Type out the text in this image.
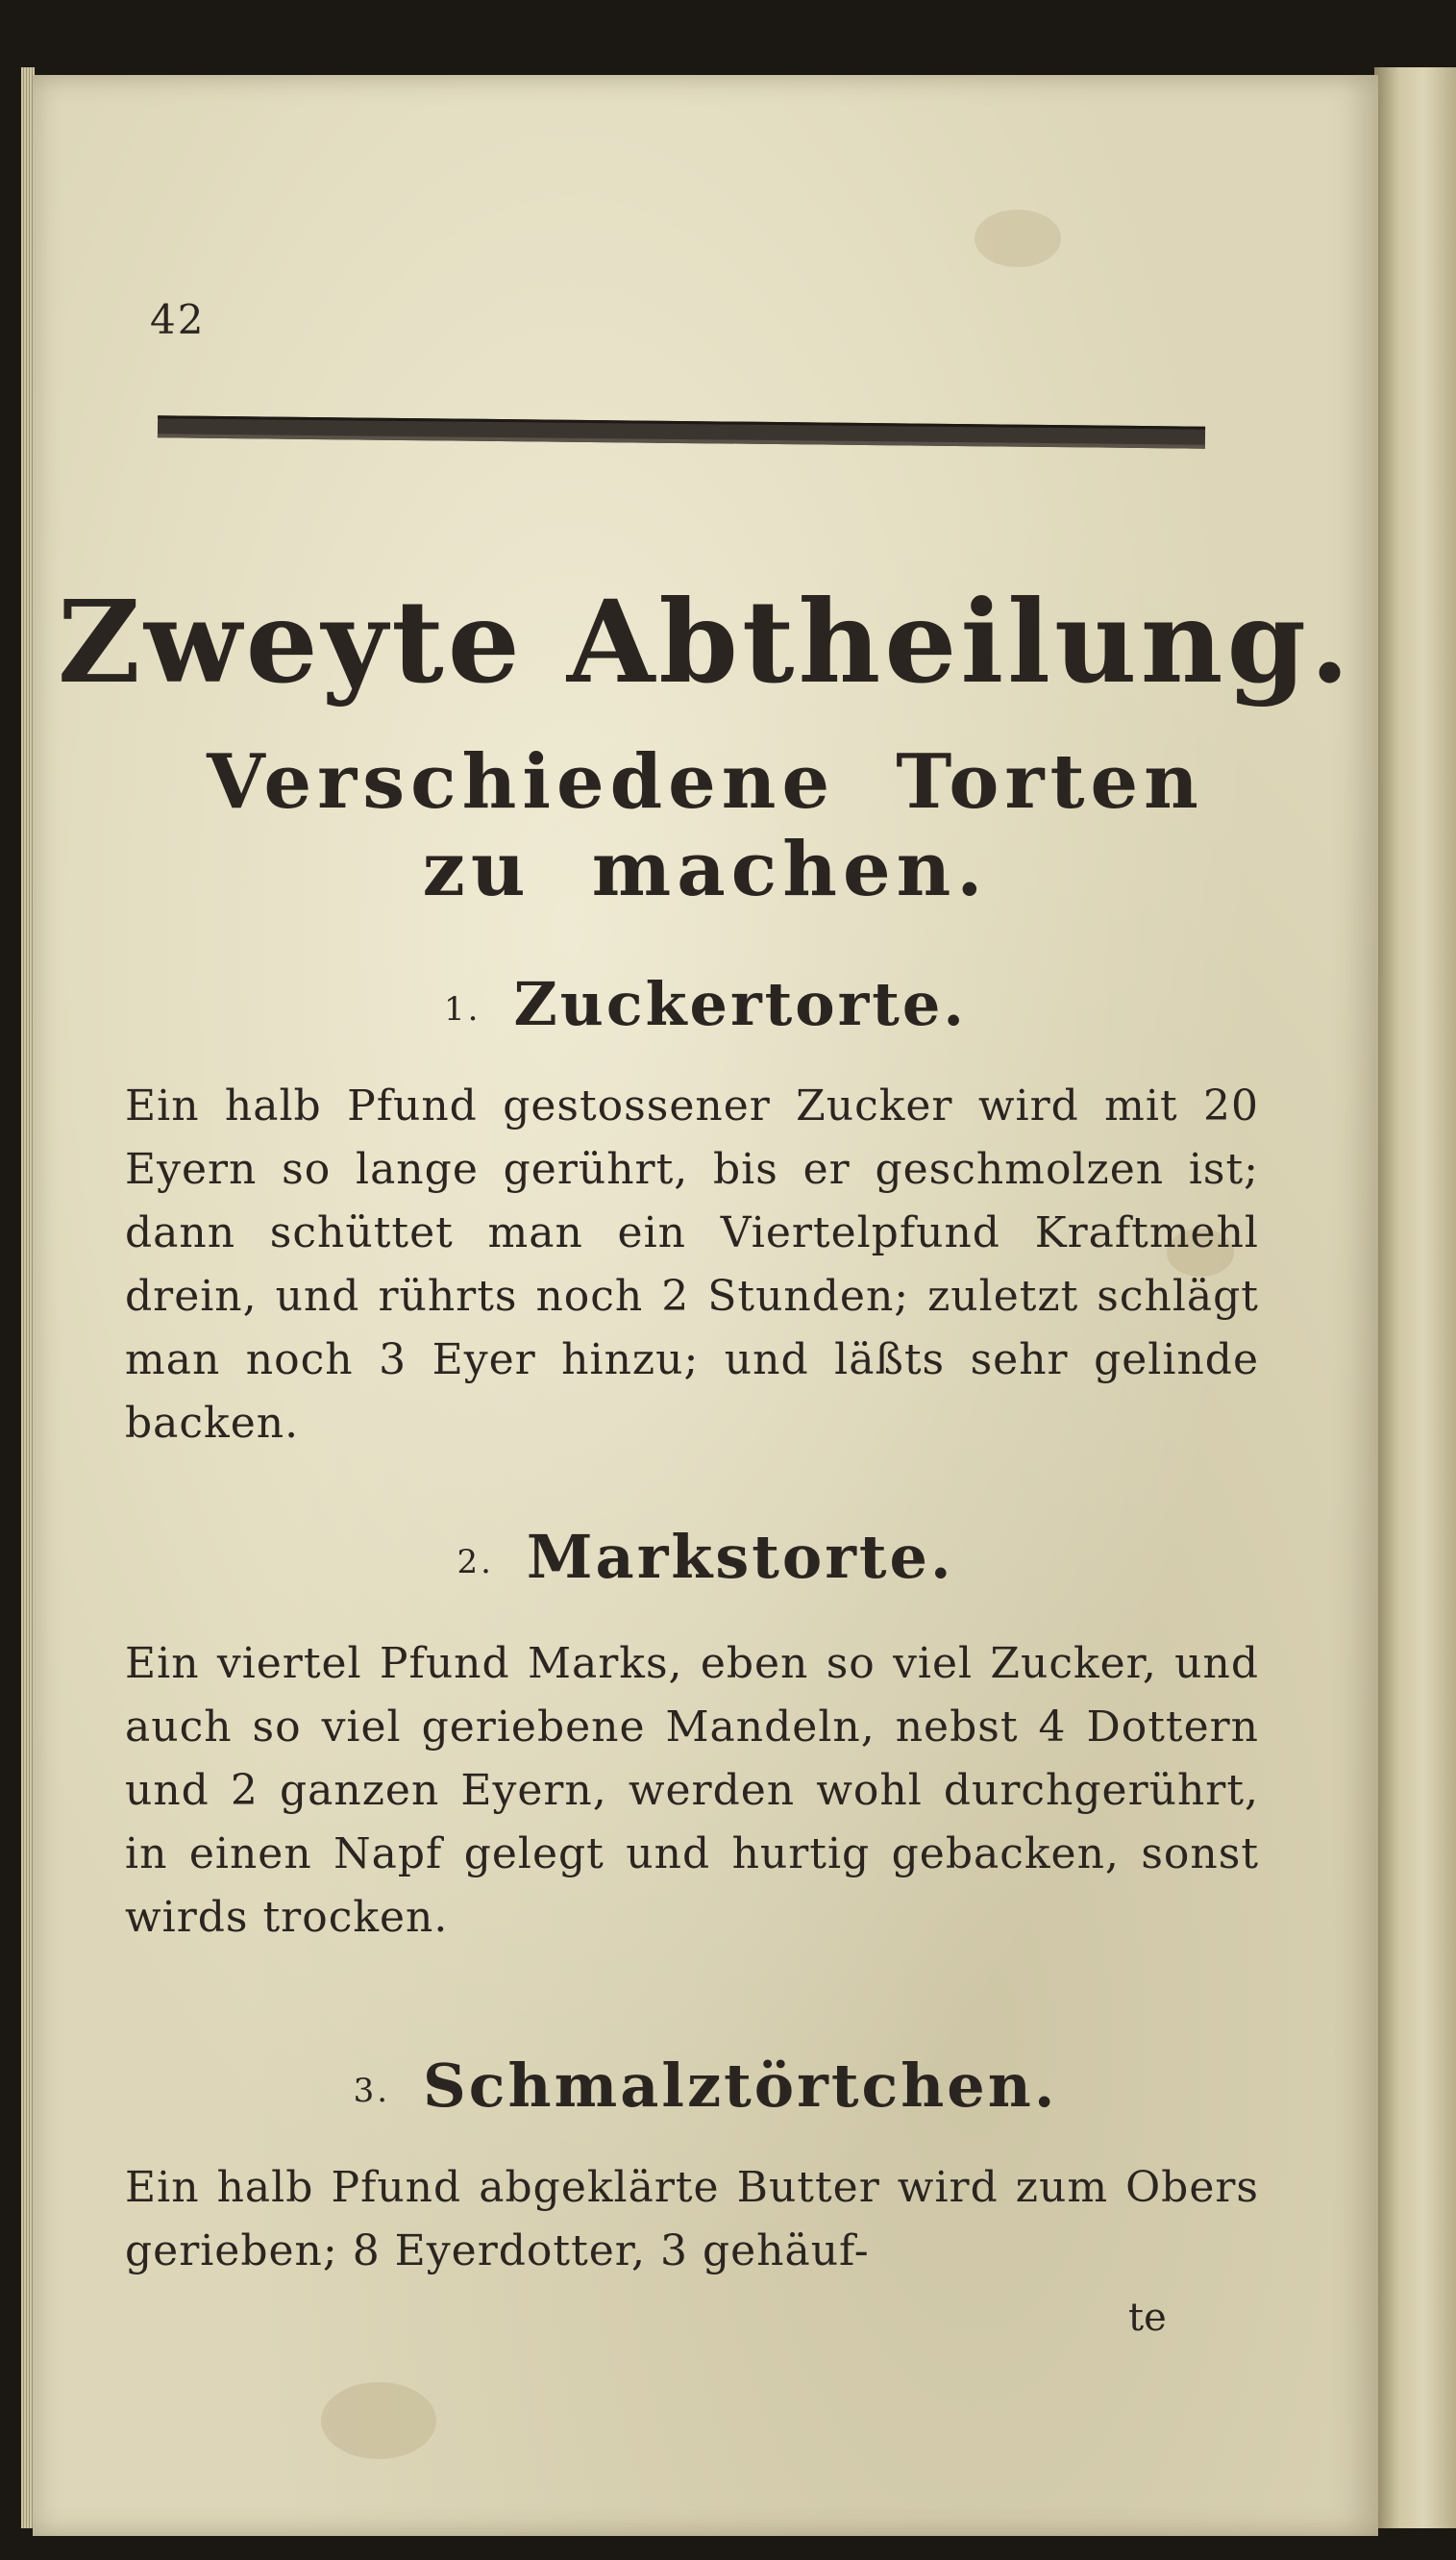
42
Zweyte Abtheilung.
Verschiedene Torten zu machen.
1. Zuckertorte.
Ein halb Pfund gestossener Zucker wird mit 20 Eyern so lange gerührt, bis er geschmolzen ist; dann schüttet man ein Viertelpfund Kraftmehl drein, und rührts noch 2 Stunden; zuletzt schlägt man noch 3 Eyer hinzu; und läßts sehr gelinde backen.
2. Markstorte.
Ein viertel Pfund Marks, eben so viel Zucker, und auch so viel geriebene Mandeln, nebst 4 Dottern und 2 ganzen Eyern, werden wohl durchgerührt, in einen Napf gelegt und hurtig gebacken, sonst wirds trocken.
3. Schmalztörtchen.
Ein halb Pfund abgeklärte Butter wird zum Obers gerieben; 8 Eyerdotter, 3 gehäuf-
te
